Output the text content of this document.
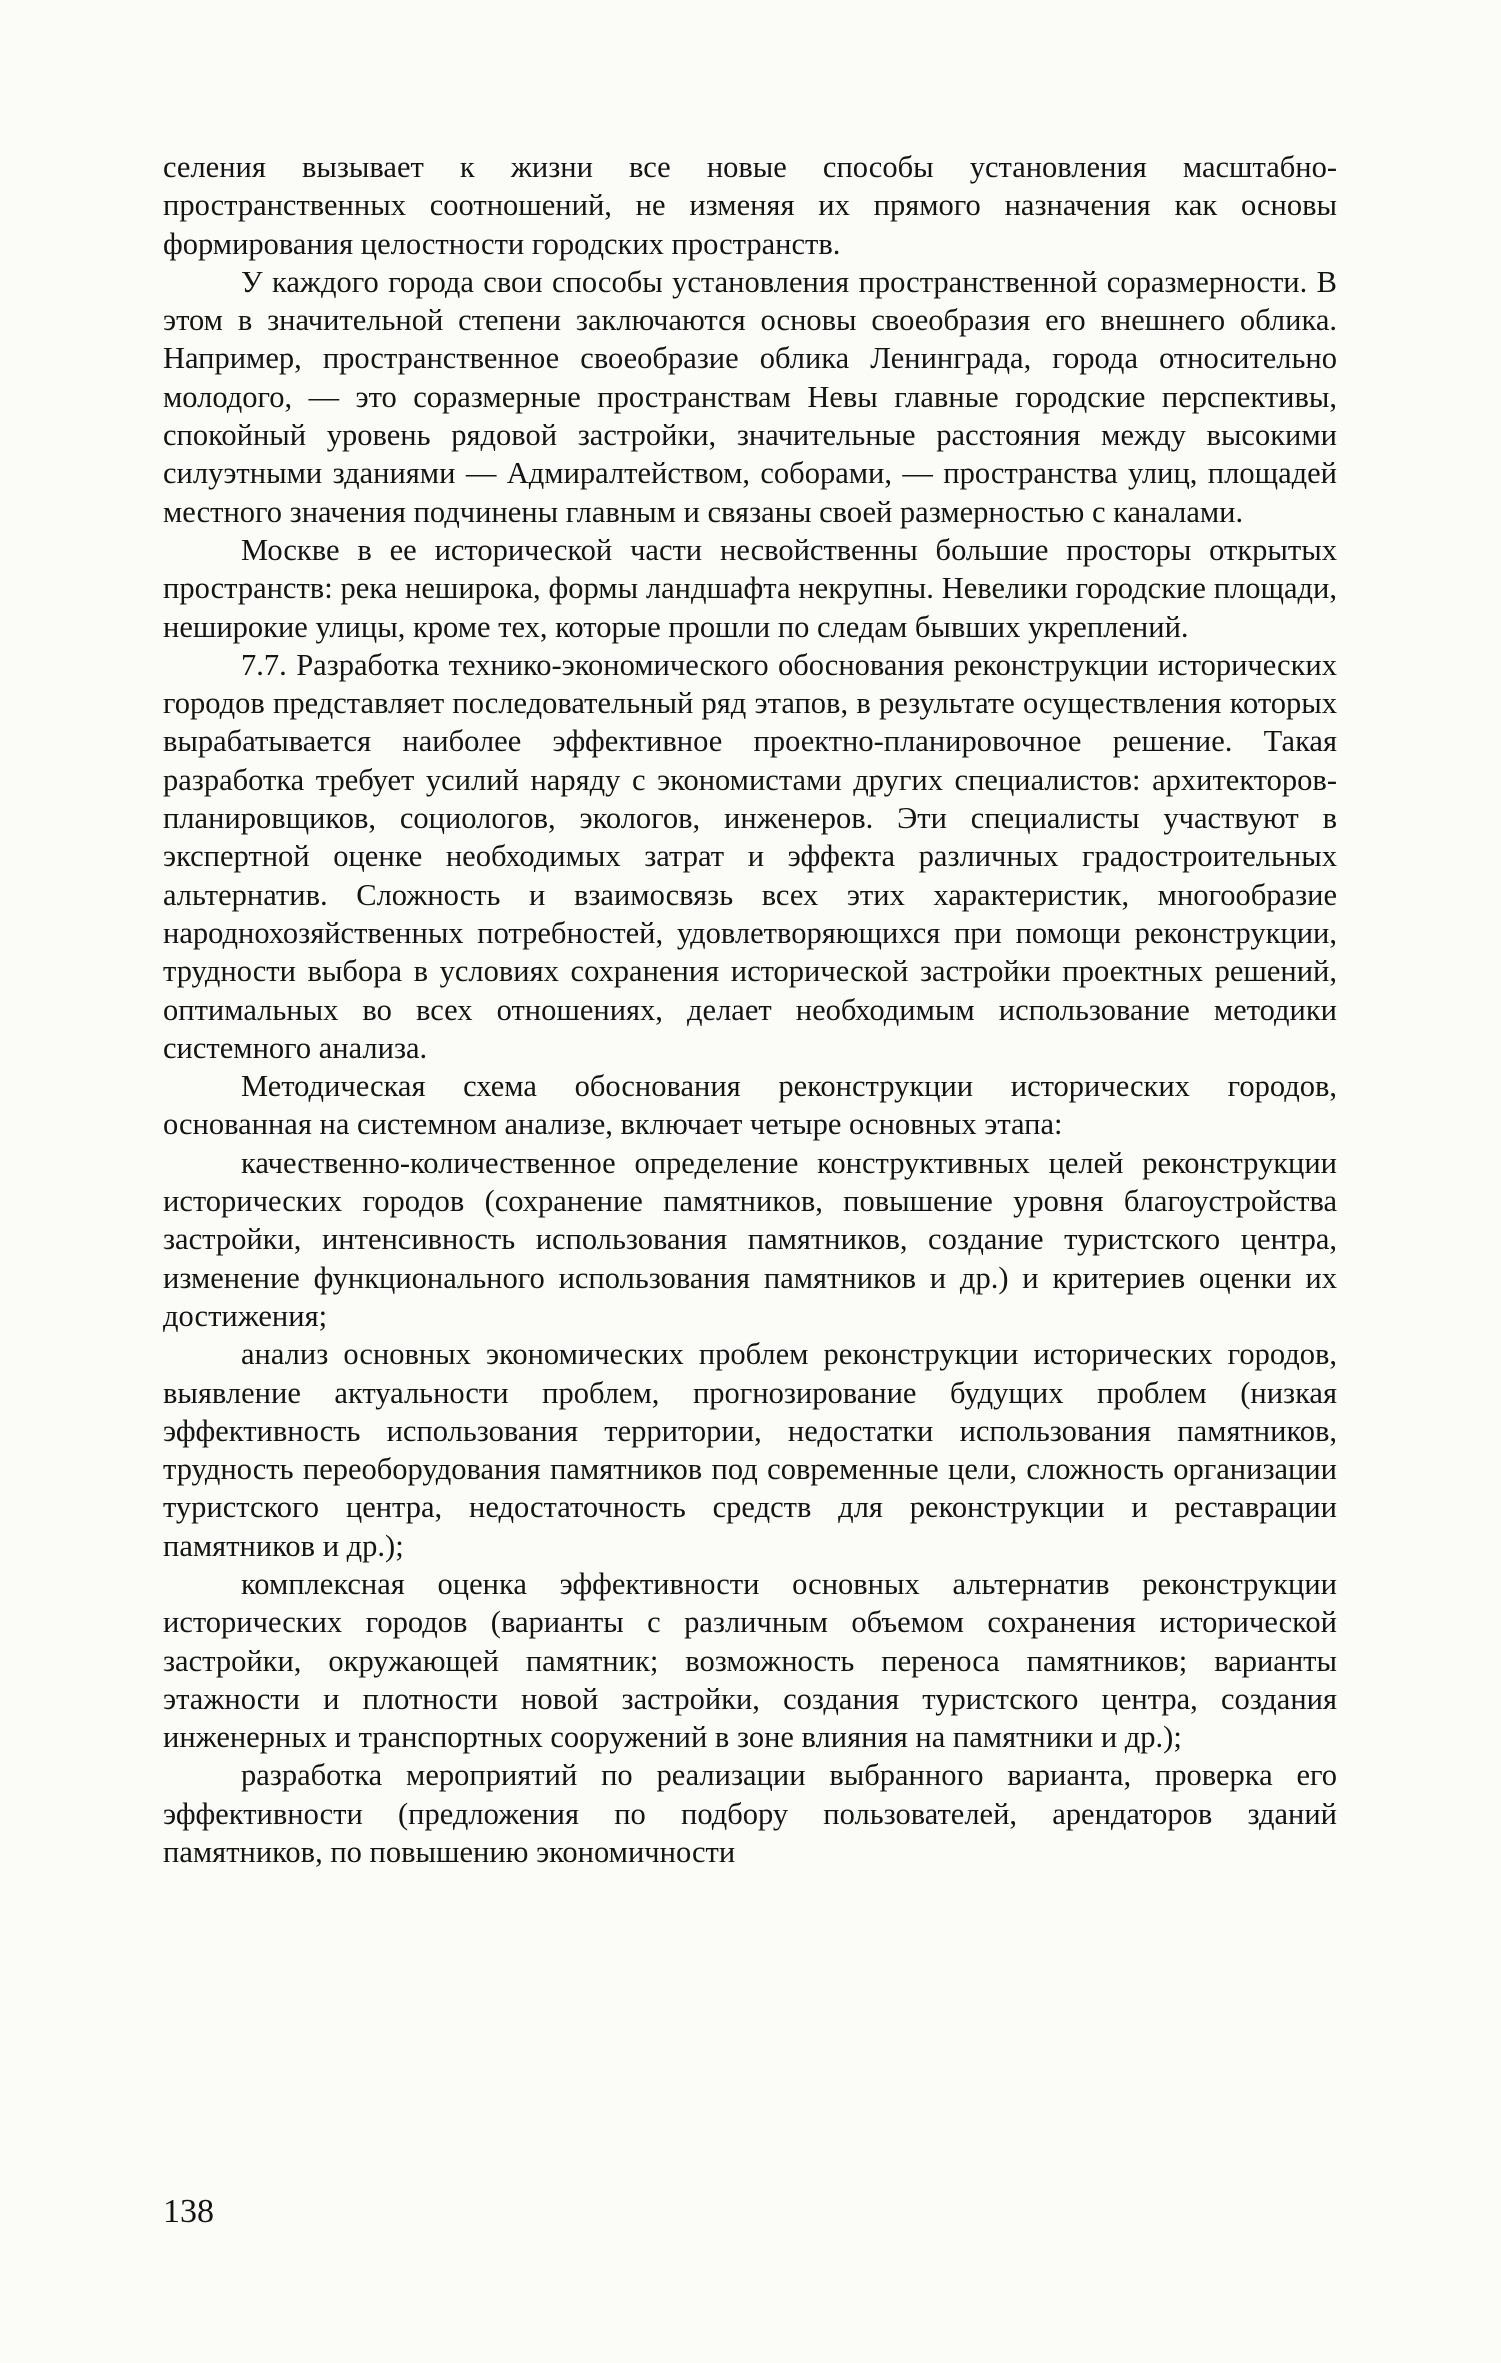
селения вызывает к жизни все новые способы установления масштабно-пространственных соотношений, не изменяя их прямого назначения как основы формирования целостности городских пространств.

У каждого города свои способы установления пространственной соразмерности. В этом в значительной степени заключаются основы своеобразия его внешнего облика. Например, пространственное своеобразие облика Ленинграда, города относительно молодого, — это соразмерные пространствам Невы главные городские перспективы, спокойный уровень рядовой застройки, значительные расстояния между высокими силуэтными зданиями — Адмиралтейством, соборами, — пространства улиц, площадей местного значения подчинены главным и связаны своей размерностью с каналами.

Москве в ее исторической части несвойственны большие просторы открытых пространств: река неширока, формы ландшафта некрупны. Невелики городские площади, неширокие улицы, кроме тех, которые прошли по следам бывших укреплений.

7.7. Разработка технико-экономического обоснования реконструкции исторических городов представляет последовательный ряд этапов, в результате осуществления которых вырабатывается наиболее эффективное проектно-планировочное решение. Такая разработка требует усилий наряду с экономистами других специалистов: архитекторов-планировщиков, социологов, экологов, инженеров. Эти специалисты участвуют в экспертной оценке необходимых затрат и эффекта различных градостроительных альтернатив. Сложность и взаимосвязь всех этих характеристик, многообразие народнохозяйственных потребностей, удовлетворяющихся при помощи реконструкции, трудности выбора в условиях сохранения исторической застройки проектных решений, оптимальных во всех отношениях, делает необходимым использование методики системного анализа.

Методическая схема обоснования реконструкции исторических городов, основанная на системном анализе, включает четыре основных этапа:

качественно-количественное определение конструктивных целей реконструкции исторических городов (сохранение памятников, повышение уровня благоустройства застройки, интенсивность использования памятников, создание туристского центра, изменение функционального использования памятников и др.) и критериев оценки их достижения;

анализ основных экономических проблем реконструкции исторических городов, выявление актуальности проблем, прогнозирование будущих проблем (низкая эффективность использования территории, недостатки использования памятников, трудность переоборудования памятников под современные цели, сложность организации туристского центра, недостаточность средств для реконструкции и реставрации памятников и др.);

комплексная оценка эффективности основных альтернатив реконструкции исторических городов (варианты с различным объемом сохранения исторической застройки, окружающей памятник; возможность переноса памятников; варианты этажности и плотности новой застройки, создания туристского центра, создания инженерных и транспортных сооружений в зоне влияния на памятники и др.);

разработка мероприятий по реализации выбранного варианта, проверка его эффективности (предложения по подбору пользователей, арендаторов зданий памятников, по повышению экономичности

138
